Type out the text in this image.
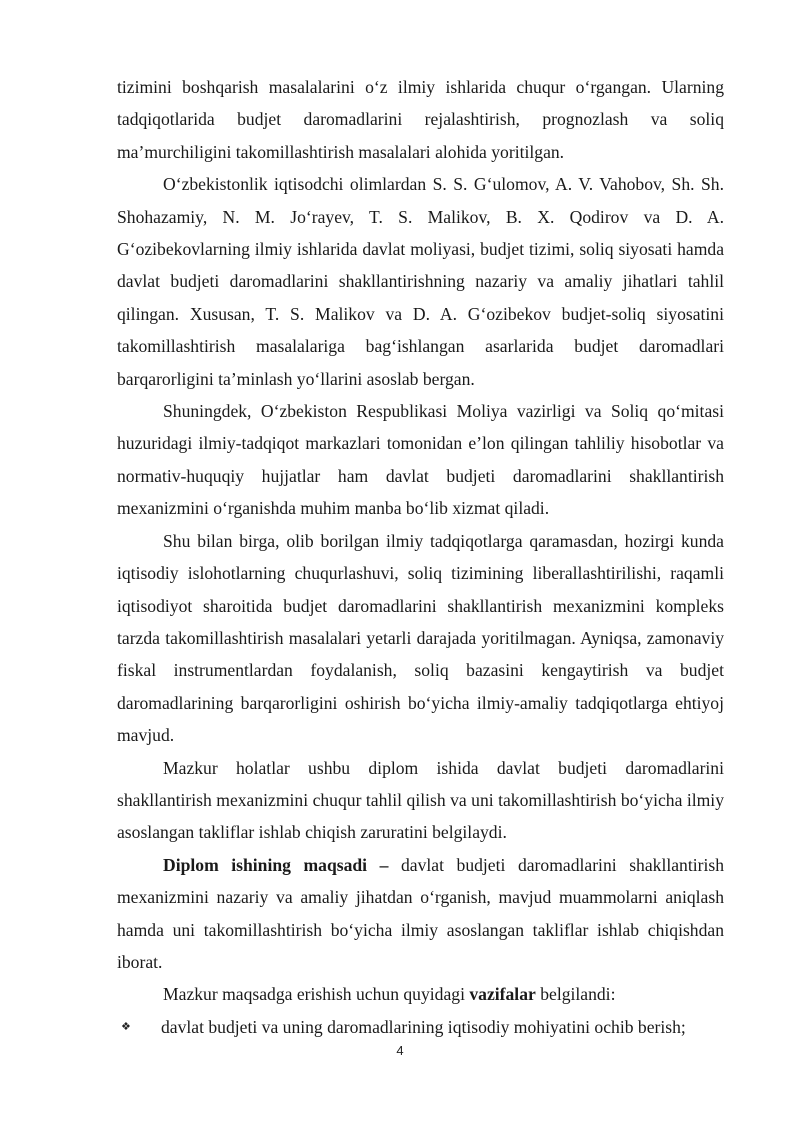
tizimini boshqarish masalalarini o‘z ilmiy ishlarida chuqur o‘rgangan. Ularning tadqiqotlarida budjet daromadlarini rejalashtirish, prognozlash va soliq ma’murchiligini takomillashtirish masalalari alohida yoritilgan.

O‘zbekistonlik iqtisodchi olimlardan S. S. G‘ulomov, A. V. Vahobov, Sh. Sh. Shohazamiy, N. M. Jo‘rayev, T. S. Malikov, B. X. Qodirov va D. A. G‘ozibekovlarning ilmiy ishlarida davlat moliyasi, budjet tizimi, soliq siyosati hamda davlat budjeti daromadlarini shakllantirishning nazariy va amaliy jihatlari tahlil qilingan. Xususan, T. S. Malikov va D. A. G‘ozibekov budjet-soliq siyosatini takomillashtirish masalalariga bag‘ishlangan asarlarida budjet daromadlari barqarorligini ta’minlash yo‘llarini asoslab bergan.

Shuningdek, O‘zbekiston Respublikasi Moliya vazirligi va Soliq qo‘mitasi huzuridagi ilmiy-tadqiqot markazlari tomonidan e’lon qilingan tahliliy hisobotlar va normativ-huquqiy hujjatlar ham davlat budjeti daromadlarini shakllantirish mexanizmini o‘rganishda muhim manba bo‘lib xizmat qiladi.

Shu bilan birga, olib borilgan ilmiy tadqiqotlarga qaramasdan, hozirgi kunda iqtisodiy islohotlarning chuqurlashuvi, soliq tizimining liberallashtirilishi, raqamli iqtisodiyot sharoitida budjet daromadlarini shakllantirish mexanizmini kompleks tarzda takomillashtirish masalalari yetarli darajada yoritilmagan. Ayniqsa, zamonaviy fiskal instrumentlardan foydalanish, soliq bazasini kengaytirish va budjet daromadlarining barqarorligini oshirish bo‘yicha ilmiy-amaliy tadqiqotlarga ehtiyoj mavjud.

Mazkur holatlar ushbu diplom ishida davlat budjeti daromadlarini shakllantirish mexanizmini chuqur tahlil qilish va uni takomillashtirish bo‘yicha ilmiy asoslangan takliflar ishlab chiqish zaruratini belgilaydi.

Diplom ishining maqsadi – davlat budjeti daromadlarini shakllantirish mexanizmini nazariy va amaliy jihatdan o‘rganish, mavjud muammolarni aniqlash hamda uni takomillashtirish bo‘yicha ilmiy asoslangan takliflar ishlab chiqishdan iborat.

Mazkur maqsadga erishish uchun quyidagi vazifalar belgilandi:

❖	davlat budjeti va uning daromadlarining iqtisodiy mohiyatini ochib berish;
4
